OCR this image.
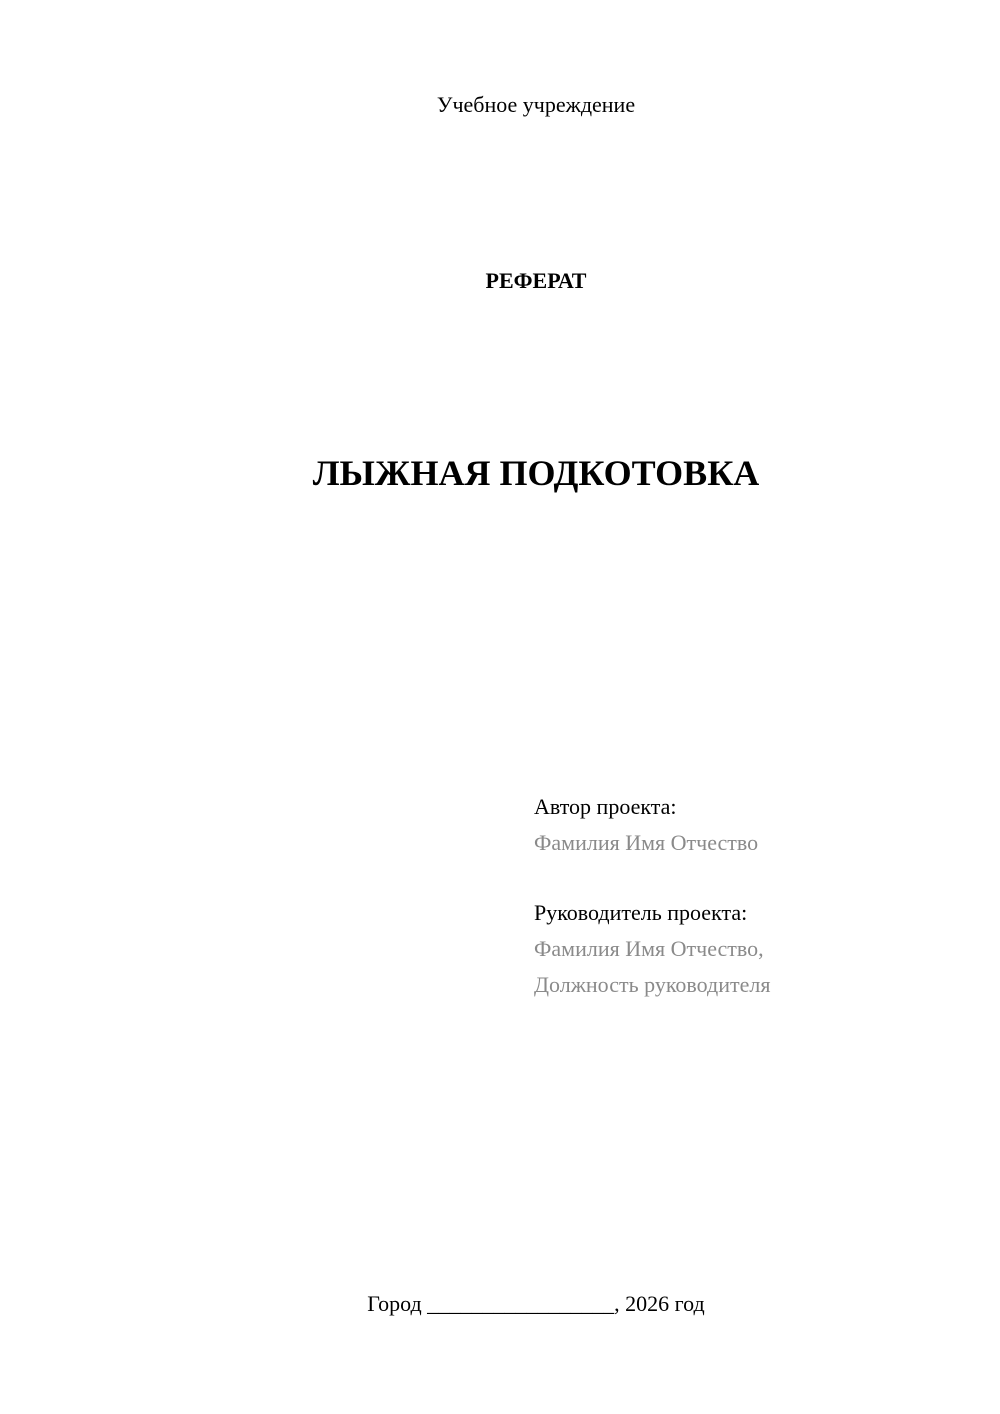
Учебное учреждение
РЕФЕРАТ
ЛЫЖНАЯ ПОДКОТОВКА
Автор проекта:
Фамилия Имя Отчество
Руководитель проекта:
Фамилия Имя Отчество,
Должность руководителя
Город _________________, 2026 год
